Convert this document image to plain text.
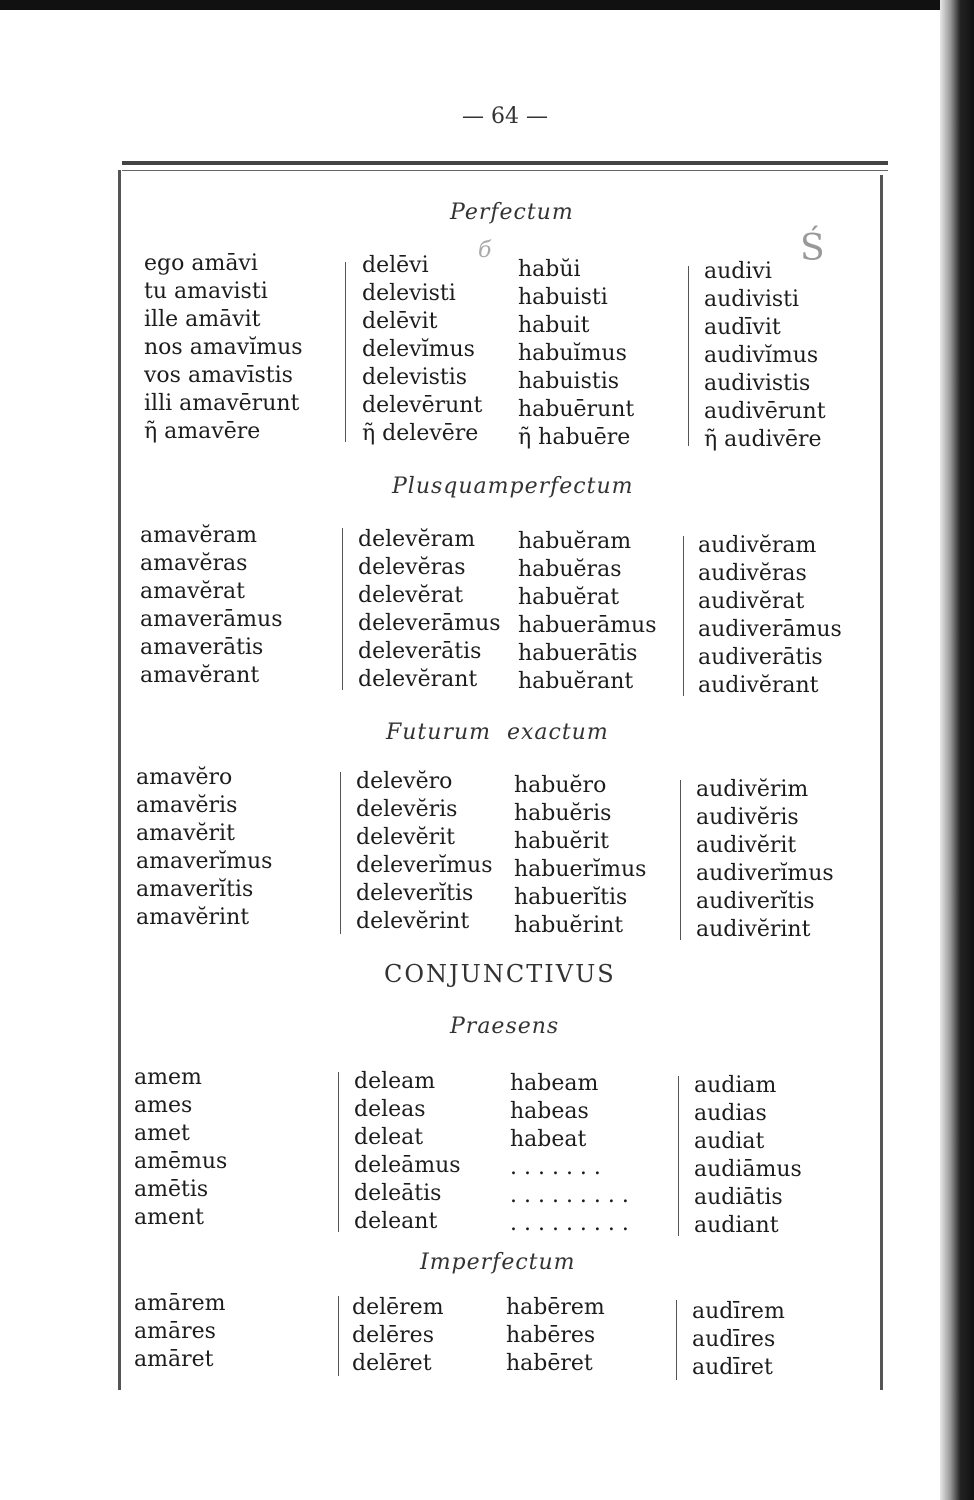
— 64 —
Perfectum
Ś
б
ego amāvi
tu amavisti
ille amāvit
nos amavĭmus
vos amavīstis
illi amavērunt
ῆ amavēre
delēvi
delevisti
delēvit
delevĭmus
delevistis
delevērunt
ῆ delevēre
habŭi
habuisti
habuit
habuĭmus
habuistis
habuērunt
ῆ habuēre
audivi
audivisti
audīvit
audivĭmus
audivistis
audivērunt
ῆ audivēre
Plusquamperfectum
amavĕram
amavĕras
amavĕrat
amaverāmus
amaverātis
amavĕrant
delevĕram
delevĕras
delevĕrat
deleverāmus
deleverātis
delevĕrant
habuĕram
habuĕras
habuĕrat
habuerāmus
habuerātis
habuĕrant
audivĕram
audivĕras
audivĕrat
audiverāmus
audiverātis
audivĕrant
Futurum  exactum
amavĕro
amavĕris
amavĕrit
amaverĭmus
amaverĭtis
amavĕrint
delevĕro
delevĕris
delevĕrit
deleverĭmus
deleverĭtis
delevĕrint
habuĕro
habuĕris
habuĕrit
habuerĭmus
habuerĭtis
habuĕrint
audivĕrim
audivĕris
audivĕrit
audiverĭmus
audiverĭtis
audivĕrint
CONJUNCTIVUS
Praesens
amem
ames
amet
amēmus
amētis
ament
deleam
deleas
deleat
deleāmus
deleātis
deleant
habeam
habeas
habeat
. . . . . . .
. . . . . . . . .
. . . . . . . . .
audiam
audias
audiat
audiāmus
audiātis
audiant
Imperfectum
amārem
amāres
amāret
delērem
delēres
delēret
habērem
habēres
habēret
audīrem
audīres
audīret
